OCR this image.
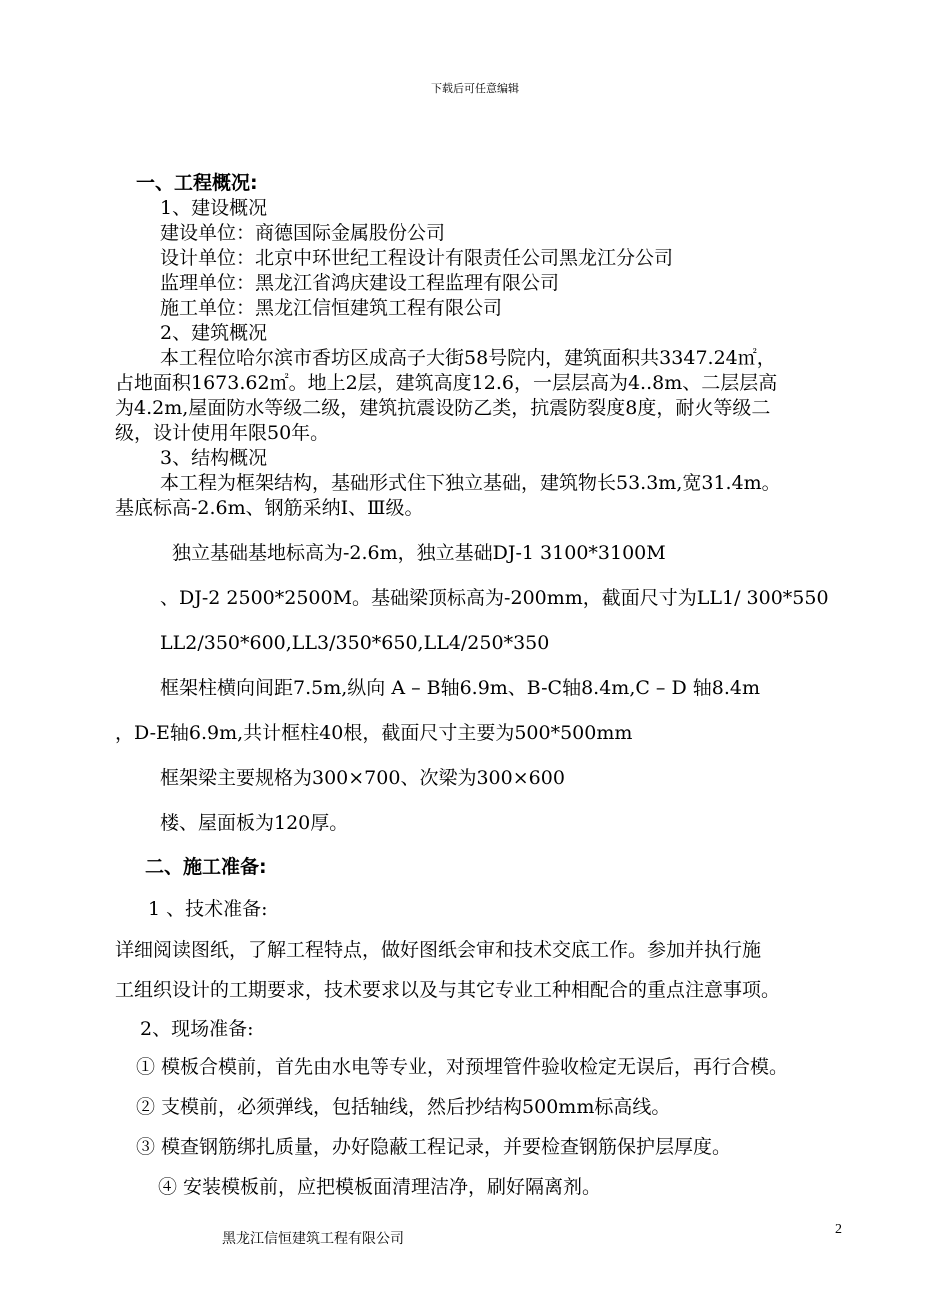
下载后可任意编辑
一、工程概况:
1、建设概况
建设单位：商德国际金属股份公司
设计单位：北京中环世纪工程设计有限责任公司黑龙江分公司
监理单位：黑龙江省鸿庆建设工程监理有限公司
施工单位：黑龙江信恒建筑工程有限公司
2、建筑概况
本工程位哈尔滨市香坊区成高子大街58号院内，建筑面积共3347.24㎡，
占地面积1673.62㎡。地上2层，建筑高度12.6，一层层高为4..8m、二层层高
为4.2m,屋面防水等级二级，建筑抗震设防乙类，抗震防裂度8度，耐火等级二
级，设计使用年限50年。
3、结构概况
本工程为框架结构，基础形式住下独立基础，建筑物长53.3m,宽31.4m。
基底标高-2.6m、钢筋采纳Ⅰ、Ⅲ级。
独立基础基地标高为-2.6m，独立基础DJ-1 3100*3100M
、DJ-2 2500*2500M。基础梁顶标高为-200mm，截面尺寸为LL1/ 300*550
LL2/350*600,LL3/350*650,LL4/250*350
框架柱横向间距7.5m,纵向 A – B轴6.9m、B-C轴8.4m,C – D 轴8.4m
，D-E轴6.9m,共计框柱40根，截面尺寸主要为500*500mm
框架梁主要规格为300×700、次梁为300×600
楼、屋面板为120厚。
二、施工准备:
1 、技术准备:
详细阅读图纸，了解工程特点，做好图纸会审和技术交底工作。参加并执行施
工组织设计的工期要求，技术要求以及与其它专业工种相配合的重点注意事项。
2、现场准备:
① 模板合模前，首先由水电等专业，对预埋管件验收检定无误后，再行合模。
② 支模前，必须弹线，包括轴线，然后抄结构500mm标高线。
③ 模查钢筋绑扎质量，办好隐蔽工程记录，并要检查钢筋保护层厚度。
④ 安装模板前，应把模板面清理洁净，刷好隔离剂。
黑龙江信恒建筑工程有限公司
2
